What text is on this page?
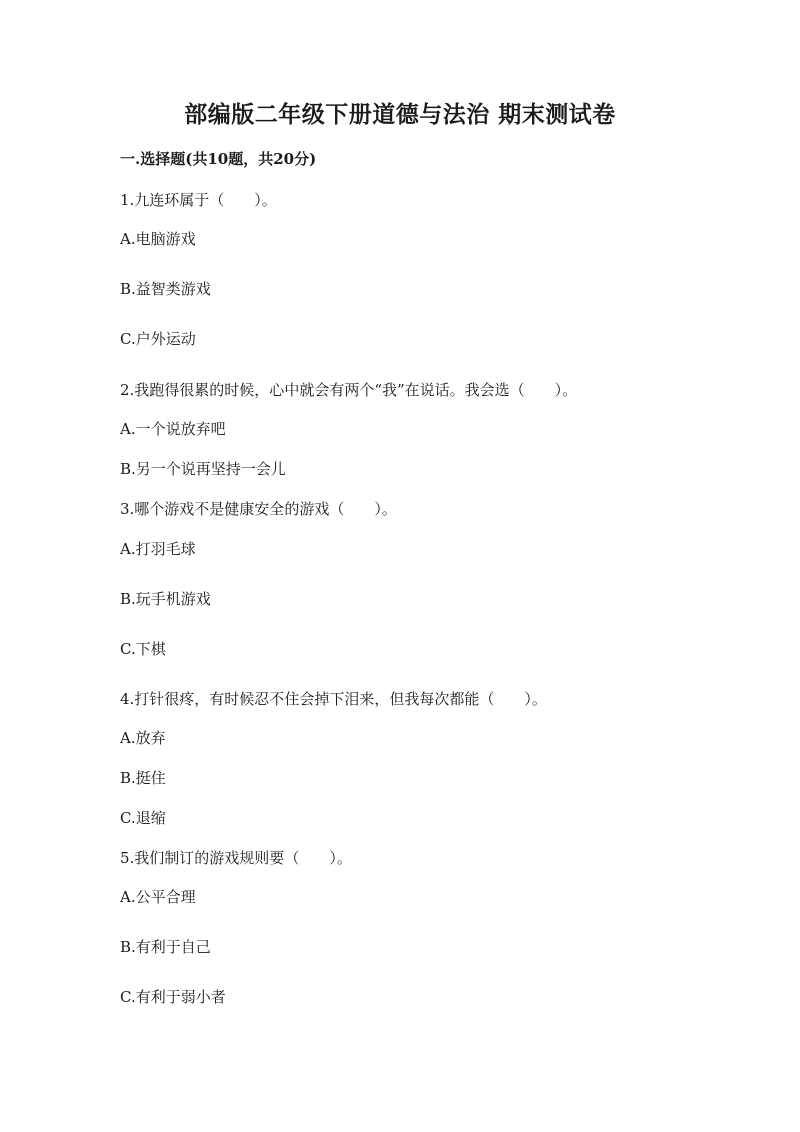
部编版二年级下册道德与法治 期末测试卷
一.选择题(共10题，共20分)
1.九连环属于（　　）。
A.电脑游戏
B.益智类游戏
C.户外运动
2.我跑得很累的时候，心中就会有两个“我”在说话。我会选（　　）。
A.一个说放弃吧
B.另一个说再坚持一会儿
3.哪个游戏不是健康安全的游戏（　　）。
A.打羽毛球
B.玩手机游戏
C.下棋
4.打针很疼，有时候忍不住会掉下泪来，但我每次都能（　　）。
A.放弃
B.挺住
C.退缩
5.我们制订的游戏规则要（　　）。
A.公平合理
B.有利于自己
C.有利于弱小者
